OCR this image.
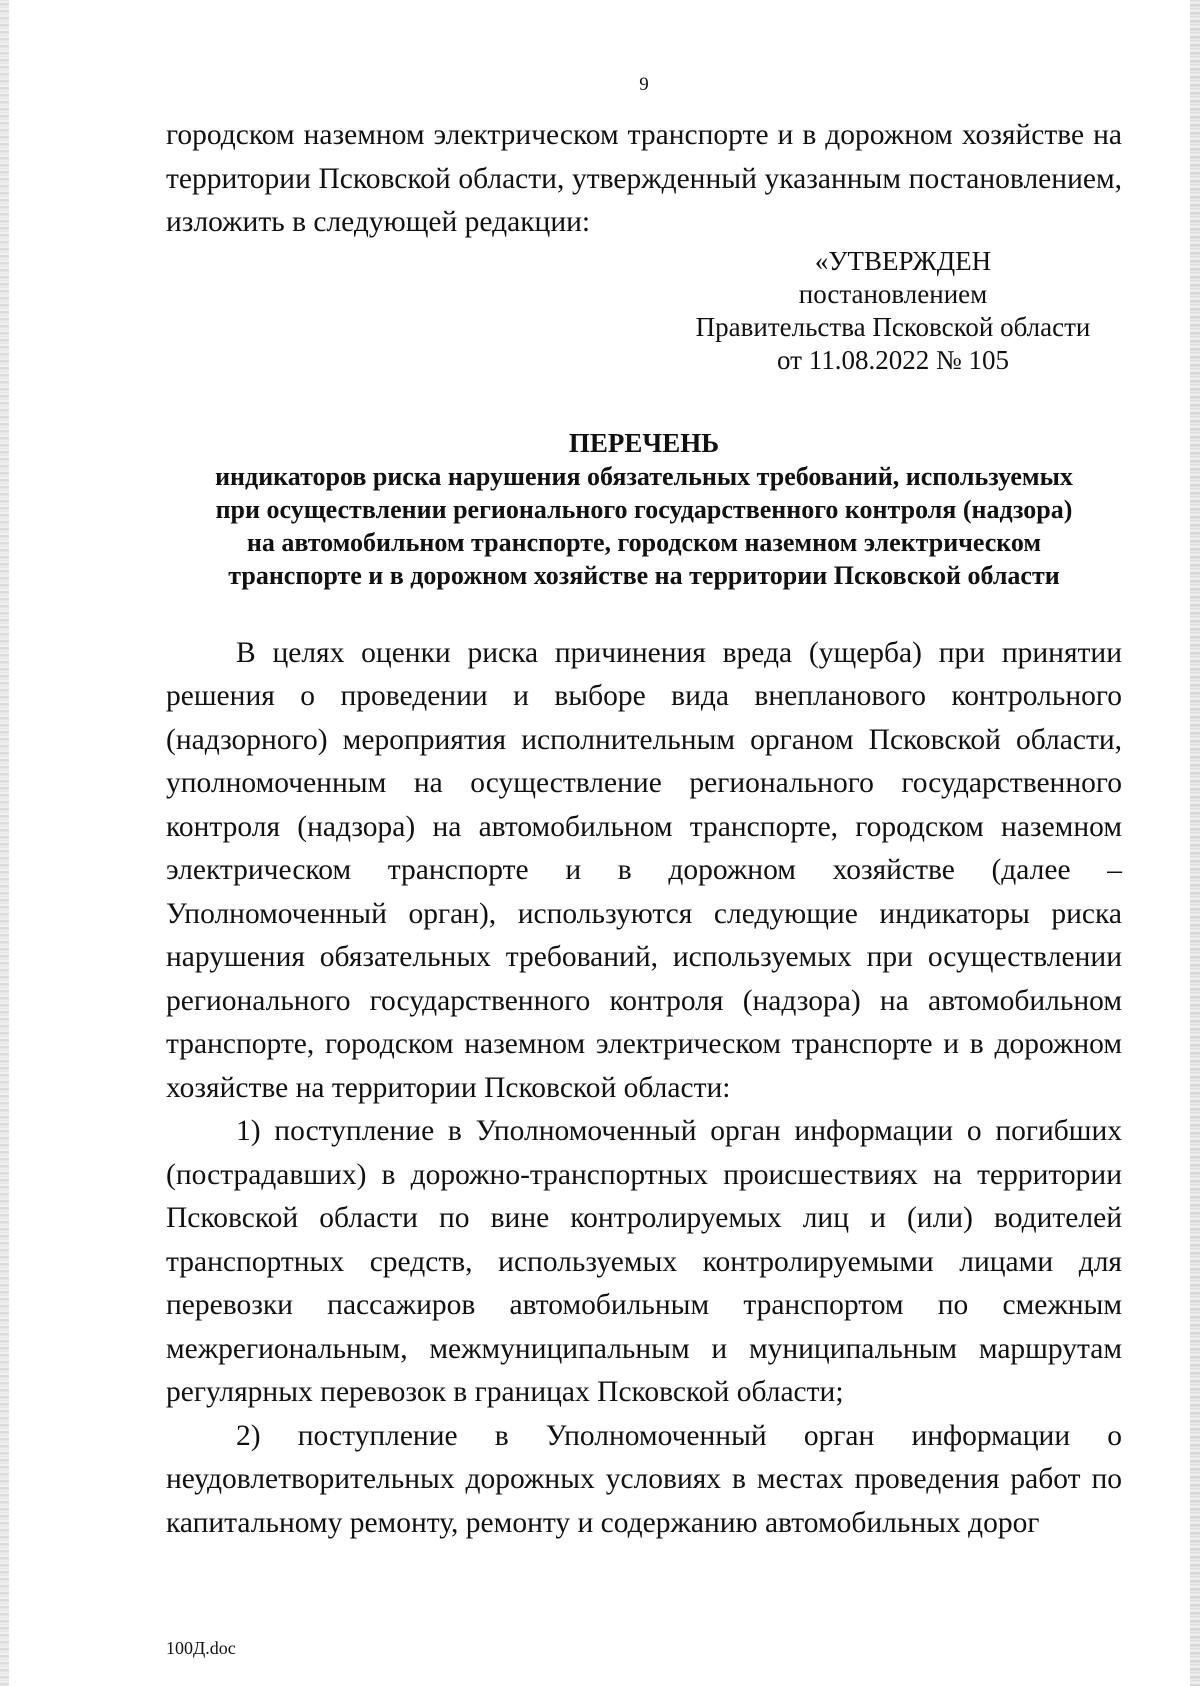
9

городском наземном электрическом транспорте и в дорожном хозяйстве на территории Псковской области, утвержденный указанным постановлением, изложить в следующей редакции:

«УТВЕРЖДЕН
постановлением
Правительства Псковской области
от 11.08.2022 № 105
ПЕРЕЧЕНЬ
индикаторов риска нарушения обязательных требований, используемых
при осуществлении регионального государственного контроля (надзора)
на автомобильном транспорте, городском наземном электрическом
транспорте и в дорожном хозяйстве на территории Псковской области

В целях оценки риска причинения вреда (ущерба) при принятии решения о проведении и выборе вида внепланового контрольного (надзорного) мероприятия исполнительным органом Псковской области, уполномоченным на осуществление регионального государственного контроля (надзора) на автомобильном транспорте, городском наземном электрическом транспорте и в дорожном хозяйстве (далее – Уполномоченный орган), используются следующие индикаторы риска нарушения обязательных требований, используемых при осуществлении регионального государственного контроля (надзора) на автомобильном транспорте, городском наземном электрическом транспорте и в дорожном хозяйстве на территории Псковской области:

1) поступление в Уполномоченный орган информации о погибших (пострадавших) в дорожно-транспортных происшествиях на территории Псковской области по вине контролируемых лиц и (или) водителей транспортных средств, используемых контролируемыми лицами для перевозки пассажиров автомобильным транспортом по смежным межрегиональным, межмуниципальным и муниципальным маршрутам регулярных перевозок в границах Псковской области;

2) поступление в Уполномоченный орган информации о неудовлетворительных дорожных условиях в местах проведения работ по капитальному ремонту, ремонту и содержанию автомобильных дорог

100Д.doc
